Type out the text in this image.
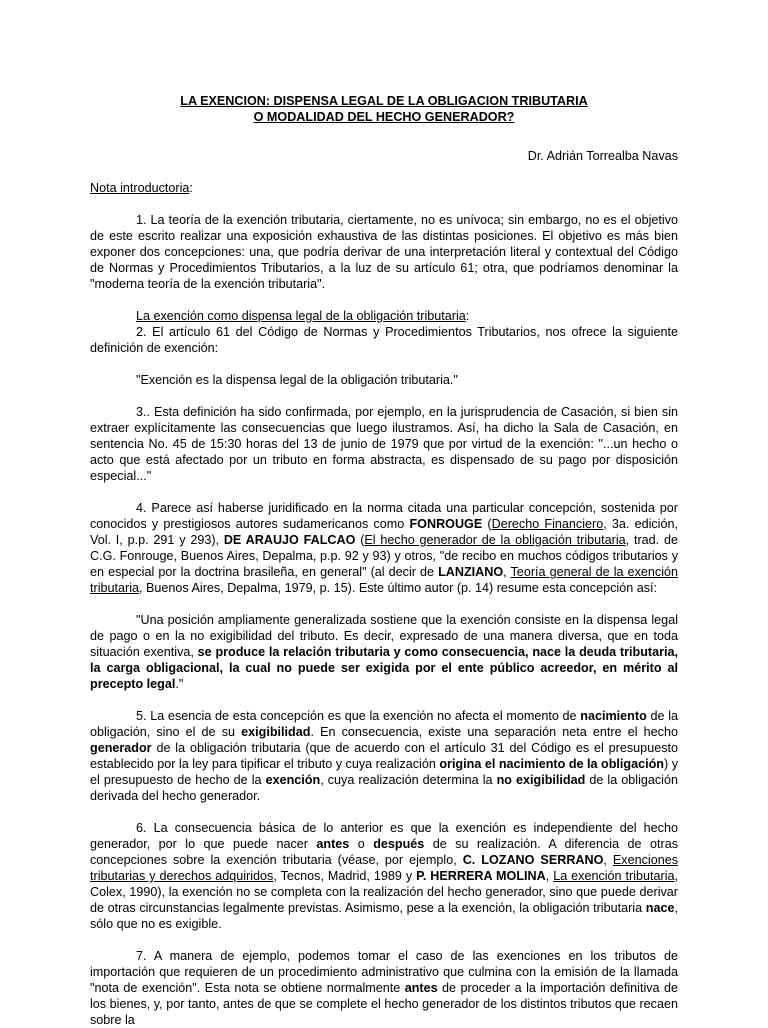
LA EXENCION: DISPENSA LEGAL DE LA OBLIGACION TRIBUTARIA

O MODALIDAD DEL HECHO GENERADOR?

Dr. Adrián Torrealba Navas

Nota introductoria:

1. La teoría de la exención tributaria, ciertamente, no es unívoca; sin embargo, no es el objetivo de este escrito realizar una exposición exhaustiva de las distintas posiciones. El objetivo es más bien exponer dos concepciones: una, que podría derivar de una interpretación literal y contextual del Código de Normas y Procedimientos Tributarios, a la luz de su artículo 61; otra, que podríamos denominar la "moderna teoría de la exención tributaria".

La exención como dispensa legal de la obligación tributaria:

2. El artículo 61 del Código de Normas y Procedimientos Tributarios, nos ofrece la siguiente definición de exención:

"Exención es la dispensa legal de la obligación tributaria."

3.. Esta definición ha sido confirmada, por ejemplo, en la jurisprudencia de Casación, si bien sin extraer explícitamente las consecuencias que luego ilustramos. Así, ha dicho la Sala de Casación, en sentencia No. 45 de 15:30 horas del 13 de junio de 1979 que por virtud de la exención: "...un hecho o acto que está afectado por un tributo en forma abstracta, es dispensado de su pago por disposición especial..."

4. Parece así haberse juridificado en la norma citada una particular concepción, sostenida por conocidos y prestigiosos autores sudamericanos como FONROUGE (Derecho Financiero, 3a. edición, Vol. I, p.p. 291 y 293), DE ARAUJO FALCAO (El hecho generador de la obligación tributaria, trad. de C.G. Fonrouge, Buenos Aires, Depalma, p.p. 92 y 93) y otros, "de recibo en muchos códigos tributarios y en especial por la doctrina brasileña, en general" (al decir de LANZIANO, Teoría general de la exención tributaria, Buenos Aires, Depalma, 1979, p. 15). Este último autor (p. 14) resume esta concepción así:

"Una posición ampliamente generalizada sostiene que la exención consiste en la dispensa legal de pago o en la no exigibilidad del tributo. Es decir, expresado de una manera diversa, que en toda situación exentiva, se produce la relación tributaria y como consecuencia, nace la deuda tributaria, la carga obligacional, la cual no puede ser exigida por el ente público acreedor, en mérito al precepto legal."

5. La esencia de esta concepción es que la exención no afecta el momento de nacimiento de la obligación, sino el de su exigibilidad. En consecuencia, existe una separación neta entre el hecho generador de la obligación tributaria (que de acuerdo con el artículo 31 del Código es el presupuesto establecido por la ley para tipificar el tributo y cuya realización origina el nacimiento de la obligación) y el presupuesto de hecho de la exención, cuya realización determina la no exigibilidad de la obligación derivada del hecho generador.

6. La consecuencia básica de lo anterior es que la exención es independiente del hecho generador, por lo que puede nacer antes o después de su realización. A diferencia de otras concepciones sobre la exención tributaria (véase, por ejemplo, C. LOZANO SERRANO, Exenciones tributarias y derechos adquiridos, Tecnos, Madrid, 1989 y P. HERRERA MOLINA, La exención tributaria, Colex, 1990), la exención no se completa con la realización del hecho generador, sino que puede derivar de otras circunstancias legalmente previstas. Asimismo, pese a la exención, la obligación tributaria nace, sólo que no es exigible.

7. A manera de ejemplo, podemos tomar el caso de las exenciones en los tributos de importación que requieren de un procedimiento administrativo que culmina con la emisión de la llamada "nota de exención". Esta nota se obtiene normalmente antes de proceder a la importación definitiva de los bienes, y, por tanto, antes de que se complete el hecho generador de los distintos tributos que recaen sobre la
